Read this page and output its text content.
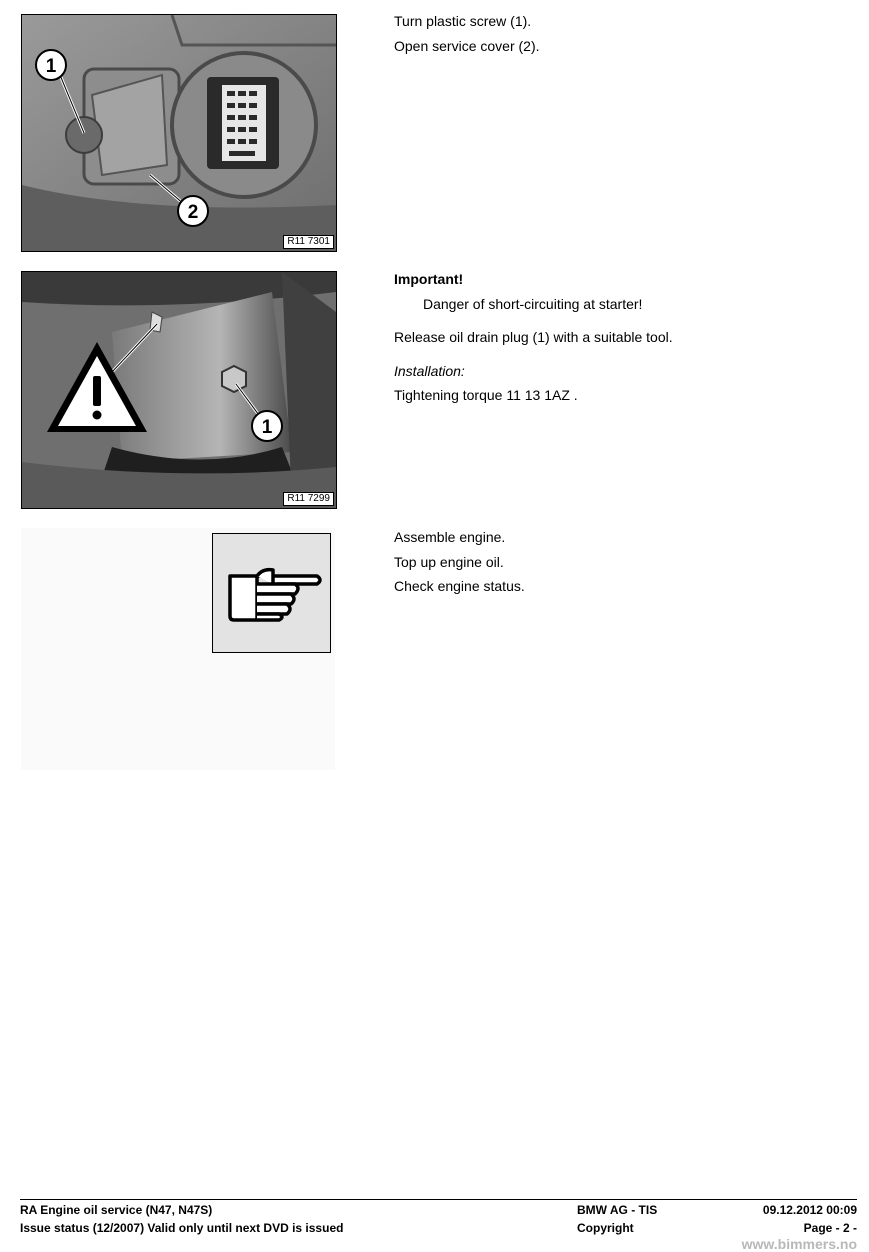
1
2
R11 7301

Turn plastic screw (1).

Open service cover (2).

1
R11 7299

Important!

Danger of short-circuiting at starter!

Release oil drain plug (1) with a suitable tool.

Installation:

Tightening torque 11 13 1AZ .

Assemble engine.

Top up engine oil.

Check engine status.

RA Engine oil service (N47, N47S)
Issue status (12/2007) Valid only until next DVD is issued
BMW AG - TIS
Copyright
09.12.2012 00:09
Page - 2 -
www.bimmers.no
